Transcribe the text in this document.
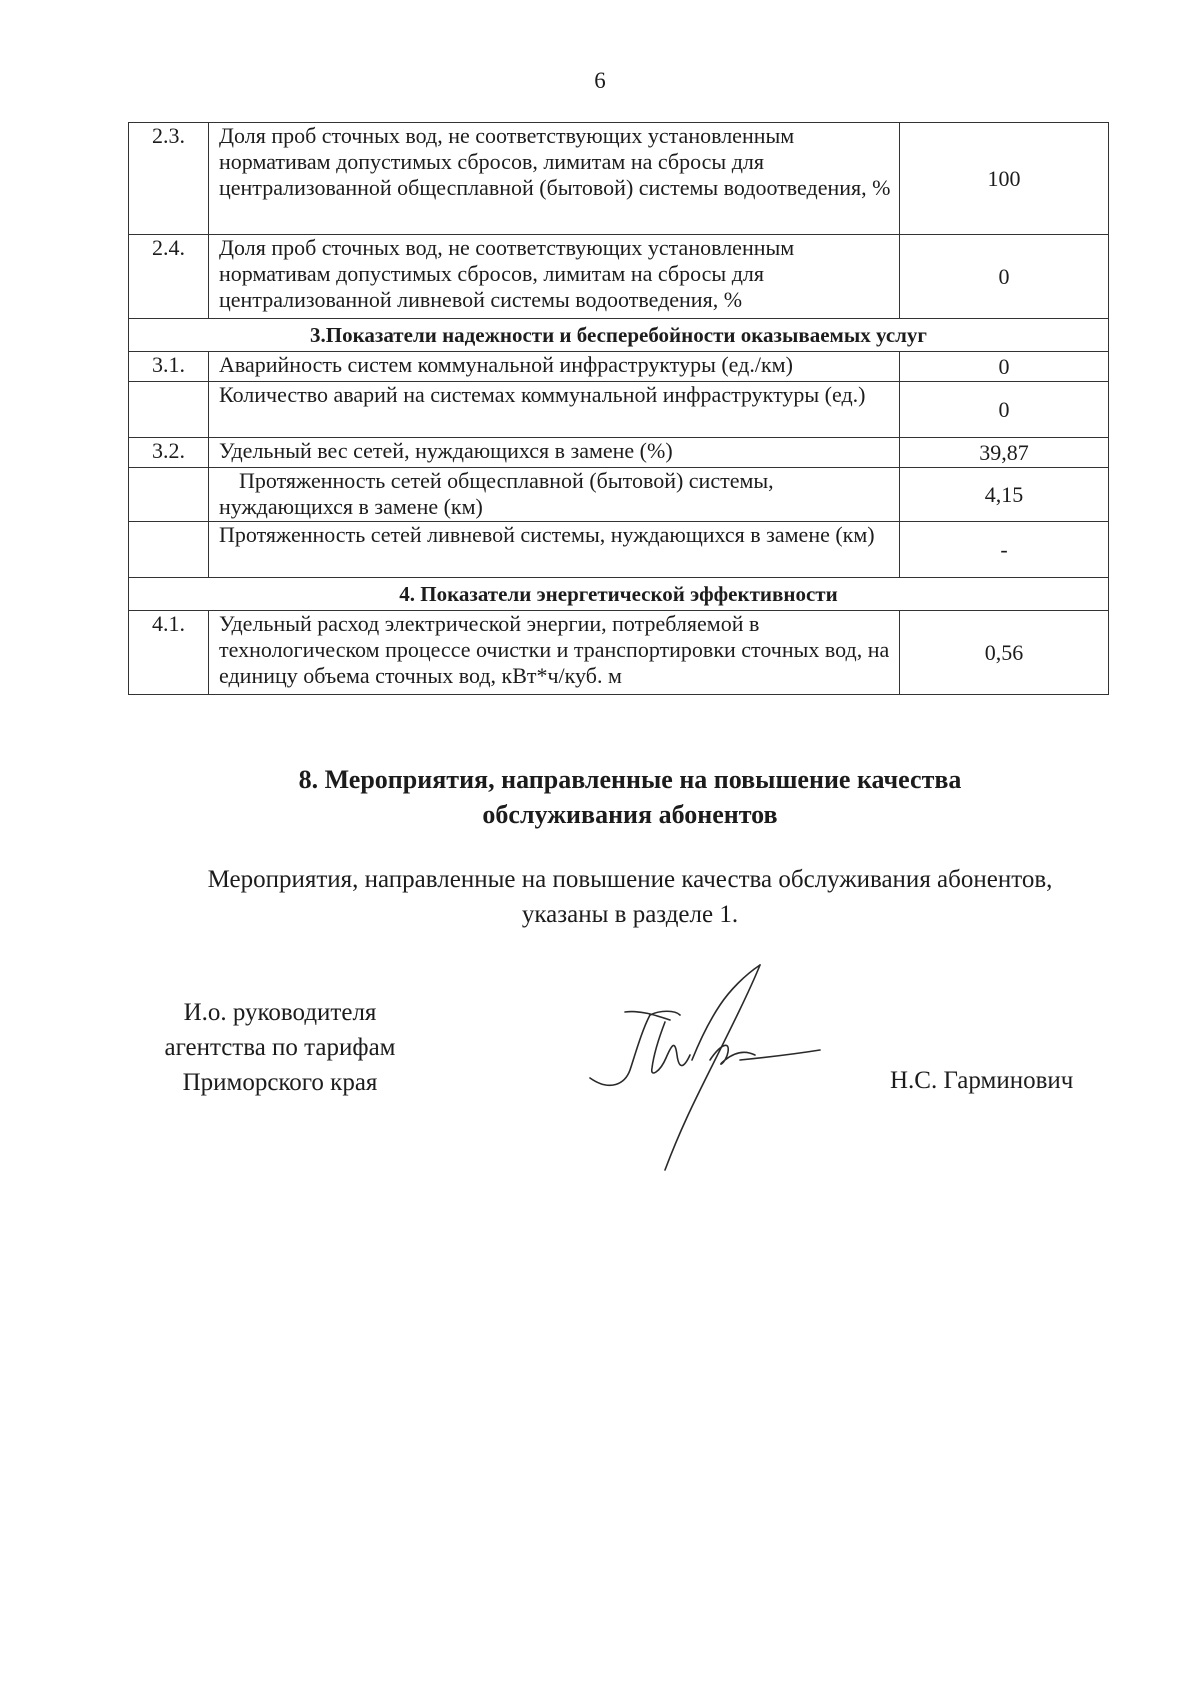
6
2.3.	Доля проб сточных вод, не соответствующих установленным нормативам допустимых сбросов, лимитам на сбросы для централизованной общесплавной (бытовой) системы водоотведения, %	100
2.4.	Доля проб сточных вод, не соответствующих установленным нормативам допустимых сбросов, лимитам на сбросы для централизованной ливневой системы водоотведения, %	0
3.Показатели надежности и бесперебойности оказываемых услуг		
3.1.	Аварийность систем коммунальной инфраструктуры (ед./км)	0
	Количество аварий на системах коммунальной инфраструктуры (ед.)	0
3.2.	Удельный вес сетей, нуждающихся в замене (%)	39,87
	Протяженность сетей общесплавной (бытовой) системы, нуждающихся в замене (км)	4,15
	Протяженность сетей ливневой системы, нуждающихся в замене (км)	-
4. Показатели энергетической эффективности		
4.1.	Удельный расход электрической энергии, потребляемой в технологическом процессе очистки и транспортировки сточных вод, на единицу объема сточных вод, кВт*ч/куб. м	0,56
8. Мероприятия, направленные на повышение качества
обслуживания абонентов
Мероприятия, направленные на повышение качества обслуживания абонентов,
указаны в разделе 1.
И.о. руководителя
агентства по тарифам
Приморского края	Н.С. Гарминович
